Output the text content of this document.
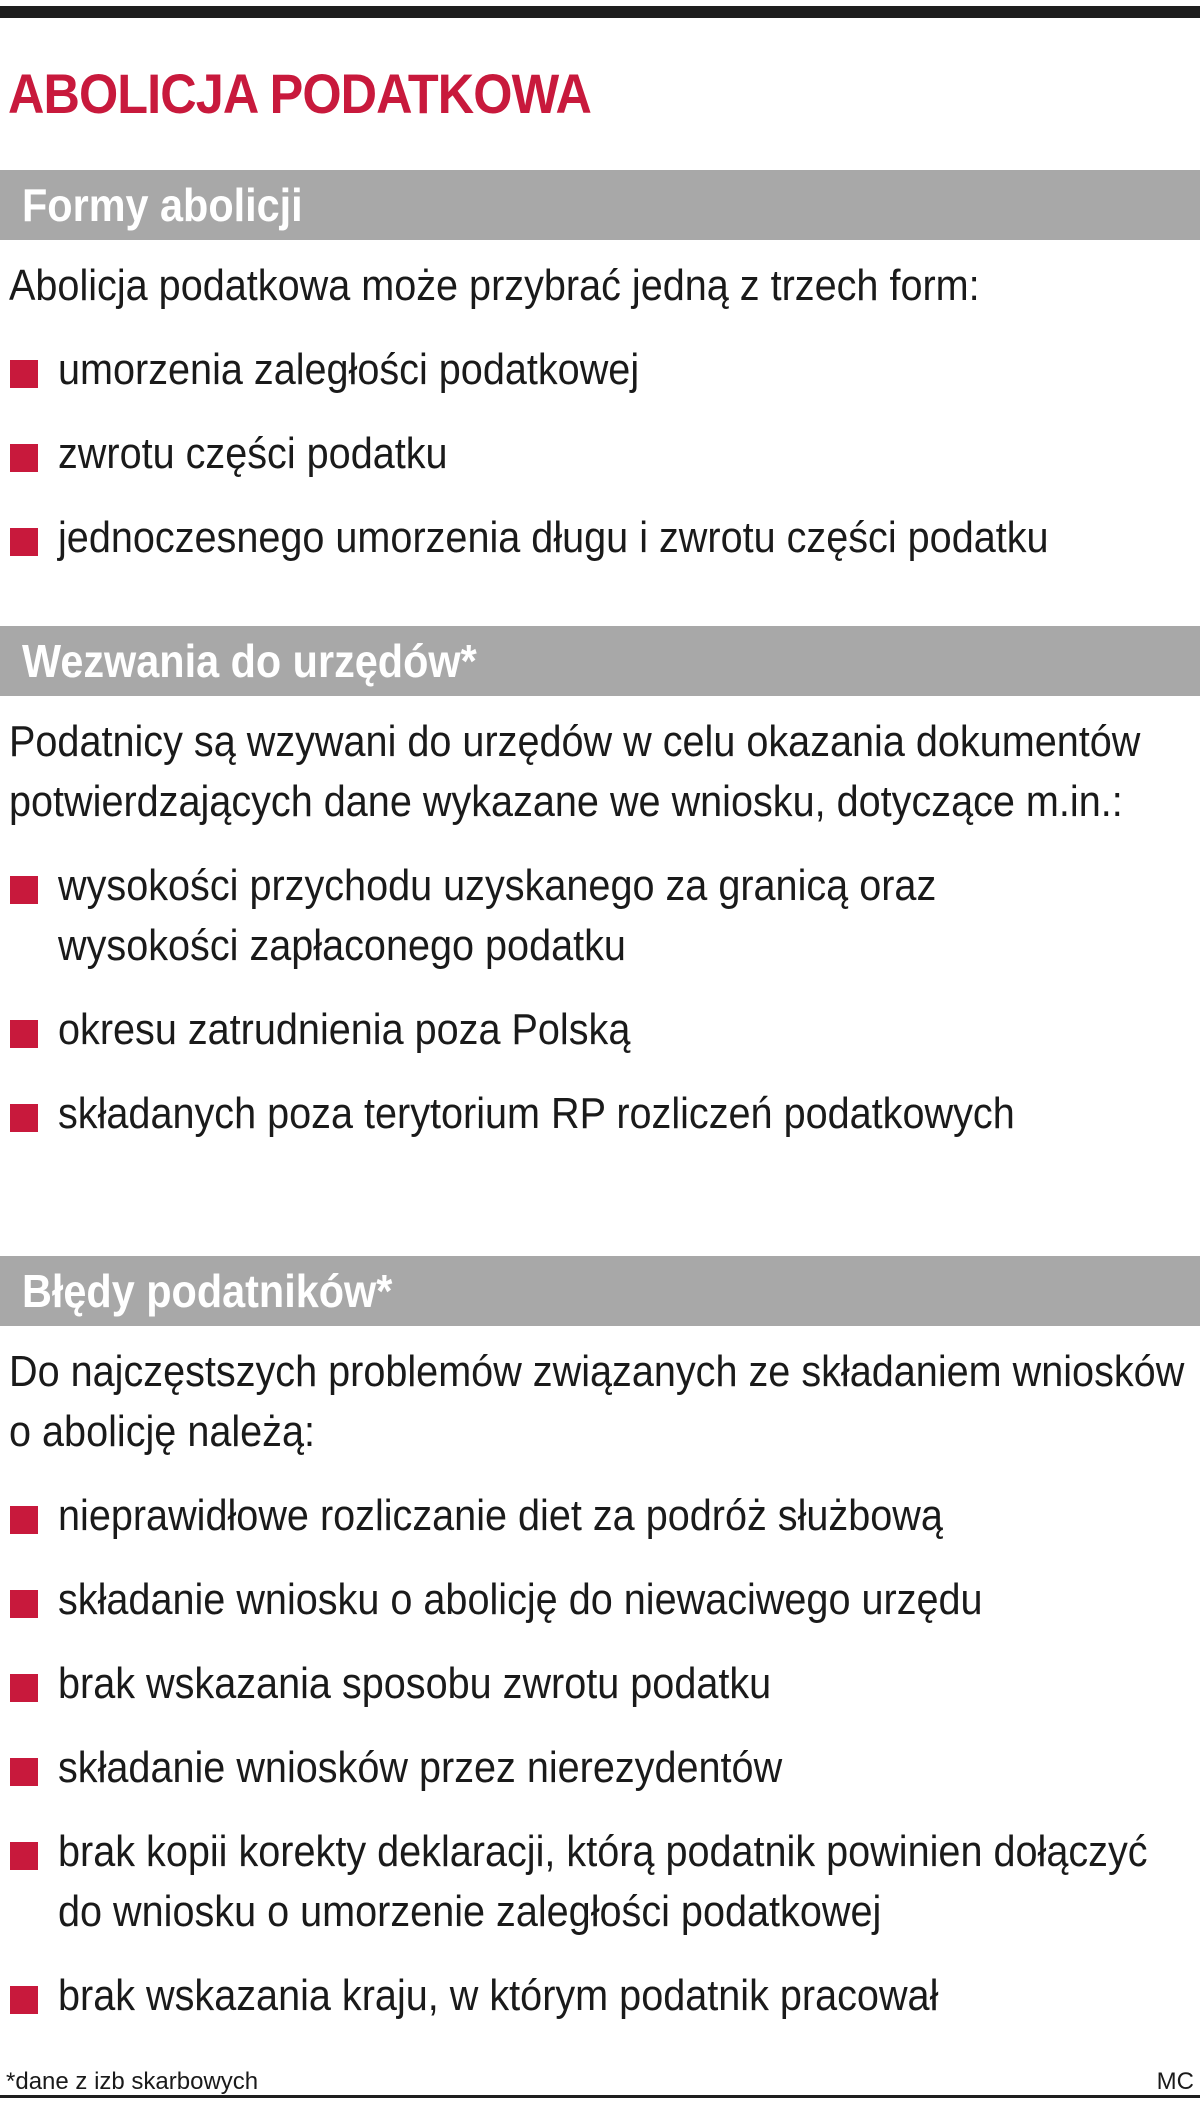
ABOLICJA PODATKOWA
Formy abolicji

Abolicja podatkowa może przybrać jedną z trzech form:

umorzenia zaległości podatkowej
zwrotu części podatku
jednoczesnego umorzenia długu i zwrotu części podatku
Wezwania do urzędów*

Podatnicy są wzywani do urzędów w celu okazania dokumentów potwierdzających dane wykazane we wniosku, dotyczące m.in.:

wysokości przychodu uzyskanego za granicą oraz wysokości zapłaconego podatku
okresu zatrudnienia poza Polską
składanych poza terytorium RP rozliczeń podatkowych
Błędy podatników*

Do najczęstszych problemów związanych ze składaniem wniosków o abolicję należą:

nieprawidłowe rozliczanie diet za podróż służbową
składanie wniosku o abolicję do niewaciwego urzędu
brak wskazania sposobu zwrotu podatku
składanie wniosków przez nierezydentów
brak kopii korekty deklaracji, którą podatnik powinien dołączyć do wniosku o umorzenie zaległości podatkowej
brak wskazania kraju, w którym podatnik pracował
*dane z izb skarbowych	MC
